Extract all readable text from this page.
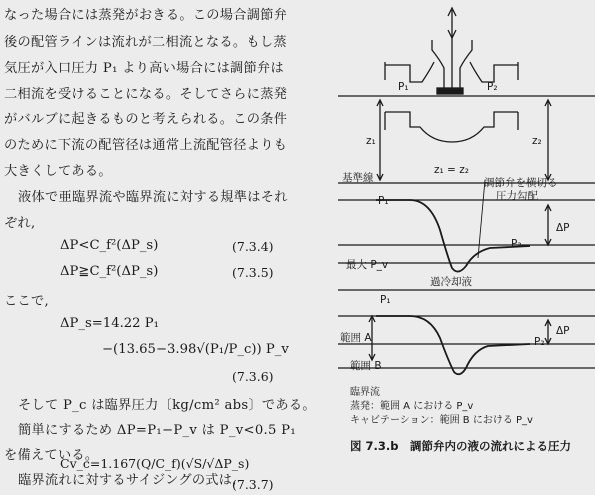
なった場合には蒸発がおきる。この場合調節弁
後の配管ラインは流れが二相流となる。もし蒸
気圧が入口圧力 P₁ より高い場合には調節弁は
二相流を受けることになる。そしてさらに蒸発
がバルブに起きるものと考えられる。この条件
のために下流の配管径は通常上流配管径よりも
大きくしてある。
液体で亜臨界流や臨界流に対する規準はそれ
ぞれ,
ΔP<C_f²(ΔP_s)	(7.3.4)
ΔP≧C_f²(ΔP_s)	(7.3.5)
ここで,
ΔP_s=14.22 P₁
−(13.65−3.98√(P₁/P_c)) P_v
(7.3.6)
そして P_c は臨界圧力〔kg/cm² abs〕である。
簡単にするため ΔP=P₁−P_v は P_v<0.5 P₁
を備えている。
臨界流れに対するサイジングの式は,
P₁	P₂
z₁	z₂
z₁ = z₂
基準線	調節弁を横切る
圧力勾配
P₁
P₂
ΔP
最大 P_v
過冷却液
P₁
P₂
範囲 A
範囲 B
ΔP
臨界流
蒸発：範囲 A における P_v
キャビテーション：範囲 B における P_v
図 7.3.b　調節弁内の液の流れによる圧力
Cv_c=1.167(Q/C_f)(√S/√ΔP_s)
(7.3.7)
